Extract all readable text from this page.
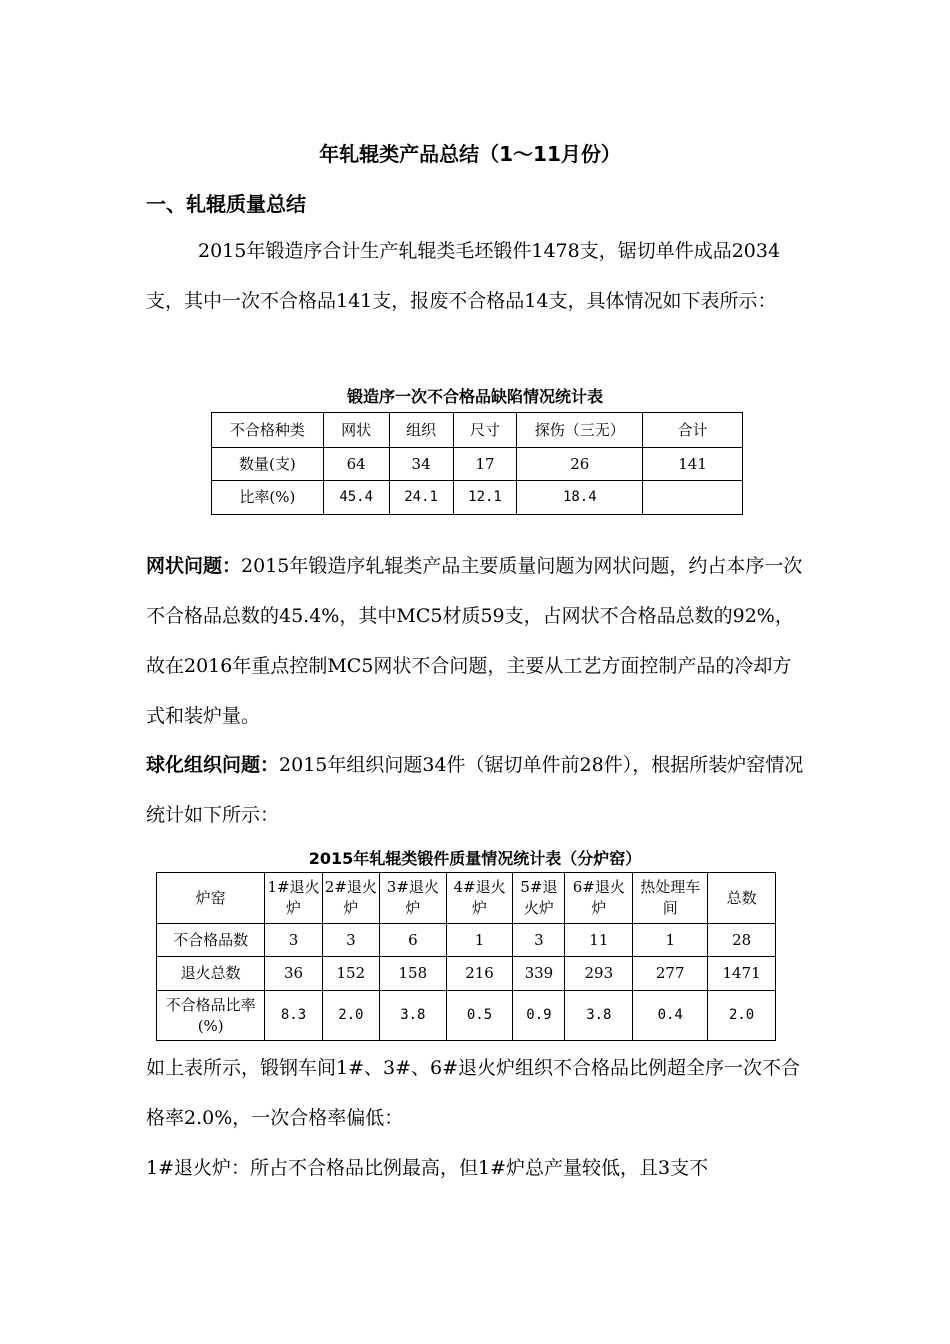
年轧辊类产品总结（1～11月份）
一、轧辊质量总结

2015年锻造序合计生产轧辊类毛坯锻件1478支，锯切单件成品2034支，其中一次不合格品141支，报废不合格品14支，具体情况如下表所示：

锻造序一次不合格品缺陷情况统计表
不合格种类	网状	组织	尺寸	探伤（三无）	合计
数量(支)	64	34	17	26	141
比率(%)	45.4	24.1	12.1	18.4	

网状问题：2015年锻造序轧辊类产品主要质量问题为网状问题，约占本序一次不合格品总数的45.4%，其中MC5材质59支，占网状不合格品总数的92%，故在2016年重点控制MC5网状不合问题，主要从工艺方面控制产品的冷却方式和装炉量。

球化组织问题：2015年组织问题34件（锯切单件前28件），根据所装炉窑情况统计如下所示：

2015年轧辊类锻件质量情况统计表（分炉窑）
炉窑	1#退火炉	2#退火炉	3#退火炉	4#退火炉	5#退火炉	6#退火炉	热处理车间	总数
不合格品数	3	3	6	1	3	11	1	28
退火总数	36	152	158	216	339	293	277	1471
不合格品比率(%)	8.3	2.0	3.8	0.5	0.9	3.8	0.4	2.0

如上表所示，锻钢车间1#、3#、6#退火炉组织不合格品比例超全序一次不合格率2.0%，一次合格率偏低：

1#退火炉：所占不合格品比例最高，但1#炉总产量较低，且3支不
